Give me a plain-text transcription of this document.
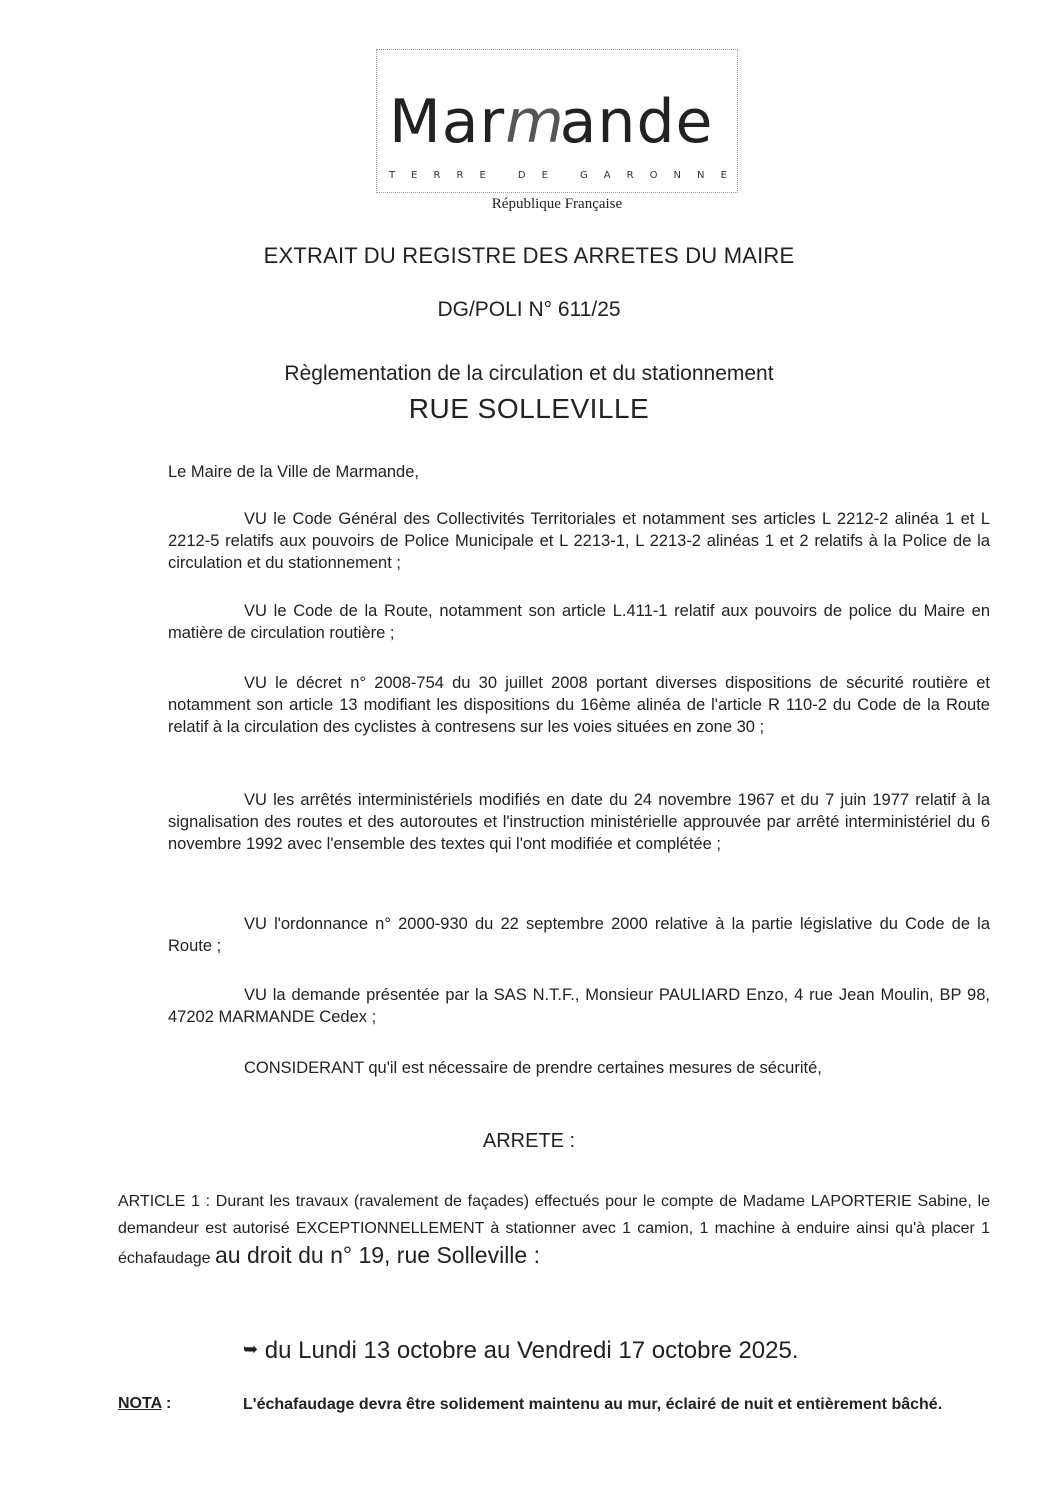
Marmande
T E R R E	D E	G A R O N N E
République Française
EXTRAIT DU REGISTRE DES ARRETES DU MAIRE
DG/POLI N° 611/25
Règlementation de la circulation et du stationnement
RUE SOLLEVILLE
Le Maire de la Ville de Marmande,
VU le Code Général des Collectivités Territoriales et notamment ses articles L 2212-2 alinéa 1 et L 2212-5 relatifs aux pouvoirs de Police Municipale et L 2213-1, L 2213-2 alinéas 1 et 2 relatifs à la Police de la circulation et du stationnement ;
VU le Code de la Route, notamment son article L.411-1 relatif aux pouvoirs de police du Maire en matière de circulation routière ;
VU le décret n° 2008-754 du 30 juillet 2008 portant diverses dispositions de sécurité routière et notamment son article 13 modifiant les dispositions du 16ème alinéa de l'article R 110-2 du Code de la Route relatif à la circulation des cyclistes à contresens sur les voies situées en zone 30 ;
VU les arrêtés interministériels modifiés en date du 24 novembre 1967 et du 7 juin 1977 relatif à la signalisation des routes et des autoroutes et l'instruction ministérielle approuvée par arrêté interministériel du 6 novembre 1992 avec l'ensemble des textes qui l'ont modifiée et complétée ;
VU l'ordonnance n° 2000-930 du 22 septembre 2000 relative à la partie législative du Code de la Route ;
VU la demande présentée par la SAS N.T.F., Monsieur PAULIARD Enzo, 4 rue Jean Moulin, BP 98, 47202 MARMANDE Cedex ;
CONSIDERANT qu'il est nécessaire de prendre certaines mesures de sécurité,
ARRETE :
ARTICLE 1 : Durant les travaux (ravalement de façades) effectués pour le compte de Madame LAPORTERIE Sabine, le demandeur est autorisé EXCEPTIONNELLEMENT à stationner avec 1 camion, 1 machine à enduire ainsi qu'à placer 1 échafaudage au droit du n° 19, rue Solleville :
➥ du Lundi 13 octobre au Vendredi 17 octobre 2025.
NOTA :	L'échafaudage devra être solidement maintenu au mur, éclairé de nuit et entièrement bâché.
